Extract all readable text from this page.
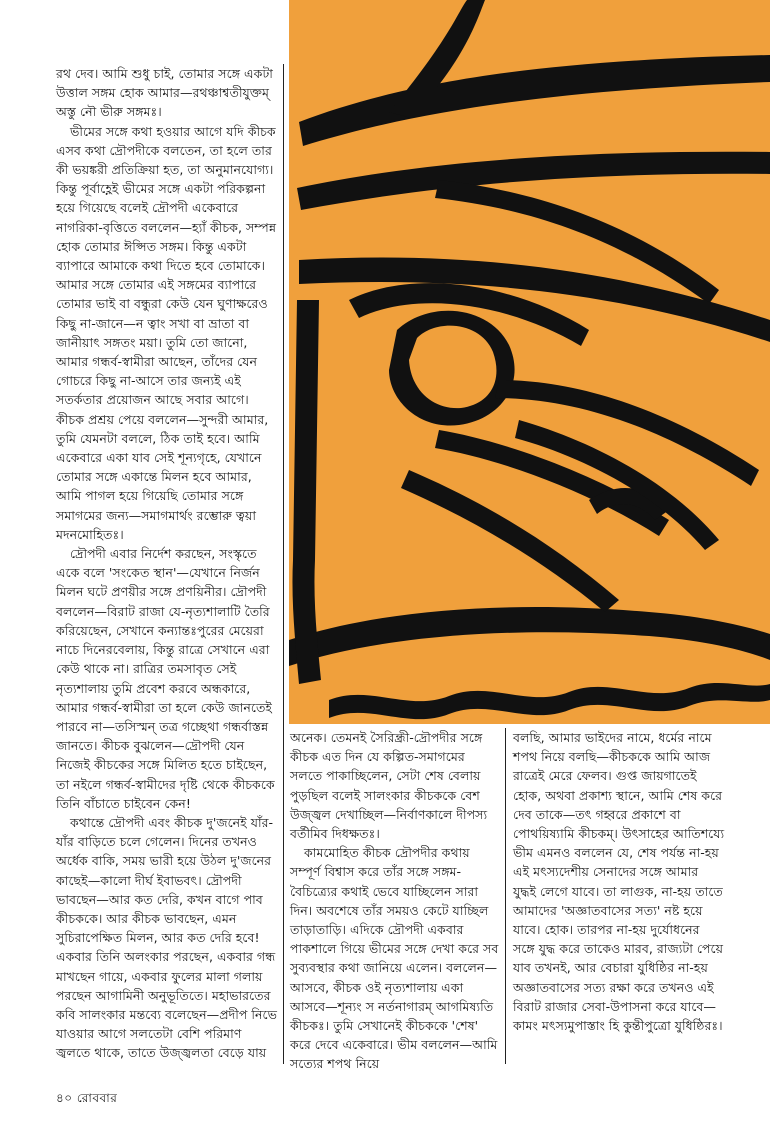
রথ দেব। আমি শুধু চাই, তোমার সঙ্গে একটা উত্তাল সঙ্গম হোক আমার—রথঞ্চাশ্বতীযুক্তম্‌ অস্তু নৌ ভীরু সঙ্গমঃ।

ভীমের সঙ্গে কথা হওয়ার আগে যদি কীচক এসব কথা দ্রৌপদীকে বলতেন, তা হলে তার কী ভয়ঙ্করী প্রতিক্রিয়া হত, তা অনুমানযোগ্য। কিন্তু পূর্বাহ্ণেই ভীমের সঙ্গে একটা পরিকল্পনা হয়ে গিয়েছে বলেই দ্রৌপদী একেবারে নাগরিকা-বৃত্তিতে বললেন—হ্যাঁ কীচক, সম্পন্ন হোক তোমার ঈপ্সিত সঙ্গম। কিন্তু একটা ব্যাপারে আমাকে কথা দিতে হবে তোমাকে। আমার সঙ্গে তোমার এই সঙ্গমের ব্যাপারে তোমার ভাই বা বন্ধুরা কেউ যেন ঘুণাক্ষরেও কিছু না-জানে—ন ত্বাং সখা বা ভ্রাতা বা জানীয়াৎ সঙ্গতং ময়া। তুমি তো জানো, আমার গন্ধর্ব-স্বামীরা আছেন, তাঁদের যেন গোচরে কিছু না-আসে তার জন্যই এই সতর্কতার প্রয়োজন আছে সবার আগে। কীচক প্রশ্রয় পেয়ে বললেন—সুন্দরী আমার, তুমি যেমনটা বললে, ঠিক তাই হবে। আমি একেবারে একা যাব সেই শূন্যগৃহে, যেখানে তোমার সঙ্গে একান্তে মিলন হবে আমার, আমি পাগল হয়ে গিয়েছি তোমার সঙ্গে সমাগমের জন্য—সমাগমার্থং রম্ভোরু ত্বয়া মদনমোহিতঃ।

দ্রৌপদী এবার নির্দেশ করছেন, সংস্কৃতে একে বলে 'সংকেত স্থান'—যেখানে নির্জন মিলন ঘটে প্রণয়ীর সঙ্গে প্রণয়িনীর। দ্রৌপদী বললেন—বিরাট রাজা যে-নৃত্যশালাটি তৈরি করিয়েছেন, সেখানে কন্যান্তঃপুরের মেয়েরা নাচে দিনেরবেলায়, কিন্তু রাত্রে সেখানে এরা কেউ থাকে না। রাত্রির তমসাবৃত সেই নৃত্যশালায় তুমি প্রবেশ করবে অন্ধকারে, আমার গন্ধর্ব-স্বামীরা তা হলে কেউ জানতেই পারবে না—তসিস্মন্‌ তত্র গচ্ছেথা গন্ধর্বাস্তন্ন জানতে। কীচক বুঝলেন—দ্রৌপদী যেন নিজেই কীচকের সঙ্গে মিলিত হতে চাইছেন, তা নইলে গন্ধর্ব-স্বামীদের দৃষ্টি থেকে কীচককে তিনি বাঁচাতে চাইবেন কেন!

কথান্তে দ্রৌপদী এবং কীচক দু'জনেই যাঁর-যাঁর বাড়িতে চলে গেলেন। দিনের তখনও অর্ধেক বাকি, সময় ভারী হয়ে উঠল দু'জনের কাছেই—কালো দীর্ঘ ইবাভবৎ। দ্রৌপদী ভাবছেন—আর কত দেরি, কখন বাগে পাব কীচককে। আর কীচক ভাবছেন, এমন সুচিরাপেক্ষিত মিলন, আর কত দেরি হবে! একবার তিনি অলংকার পরছেন, একবার গন্ধ মাখছেন গায়ে, একবার ফুলের মালা গলায় পরছেন আগামিনী অনুভূতিতে। মহাভারতের কবি সালংকার মন্তব্যে বলেছেন—প্রদীপ নিভে যাওয়ার আগে সলতেটা বেশি পরিমাণ জ্বলতে থাকে, তাতে উজ্জ্বলতা বেড়ে যায়

অনেক। তেমনই সৈরিন্ধ্রী-দ্রৌপদীর সঙ্গে কীচক এত দিন যে কল্পিত-সমাগমের সলতে পাকাচ্ছিলেন, সেটা শেষ বেলায় পুড়ছিল বলেই সালংকার কীচককে বেশ উজ্জ্বল দেখাচ্ছিল—নির্বাণকালে দীপস্য বর্তীমিব দিধক্ষতঃ।

কামমোহিত কীচক দ্রৌপদীর কথায় সম্পূর্ণ বিশ্বাস করে তাঁর সঙ্গে সঙ্গম-বৈচিত্র্যের কথাই ভেবে যাচ্ছিলেন সারা দিন। অবশেষে তাঁর সময়ও কেটে যাচ্ছিল তাড়াতাড়ি। এদিকে দ্রৌপদী একবার পাকশালে গিয়ে ভীমের সঙ্গে দেখা করে সব সুব্যবস্থার কথা জানিয়ে এলেন। বললেন—আসবে, কীচক ওই নৃত্যশালায় একা আসবে—শূন্যং স নর্তনাগারম্‌ আগমিষ্যতি কীচকঃ। তুমি সেখানেই কীচককে 'শেষ' করে দেবে একেবারে। ভীম বললেন—আমি সত্যের শপথ নিয়ে

বলছি, আমার ভাইদের নামে, ধর্মের নামে শপথ নিয়ে বলছি—কীচককে আমি আজ রাত্রেই মেরে ফেলব। গুপ্ত জায়গাতেই হোক, অথবা প্রকাশ্য স্থানে, আমি শেষ করে দেব তাকে—তৎ গহ্বরে প্রকাশে বা পোথয়িষ্যামি কীচকম্‌। উৎসাহের আতিশয্যে ভীম এমনও বললেন যে, শেষ পর্যন্ত না-হয় এই মৎস্যদেশীয় সেনাদের সঙ্গে আমার যুদ্ধই লেগে যাবে। তা লাগুক, না-হয় তাতে আমাদের 'অজ্ঞাতবাসের সত্য' নষ্ট হয়ে যাবে। হোক। তারপর না-হয় দুর্যোধনের সঙ্গে যুদ্ধ করে তাকেও মারব, রাজ্যটা পেয়ে যাব তখনই, আর বেচারা যুধিষ্ঠির না-হয় অজ্ঞাতবাসের সত্য রক্ষা করে তখনও এই বিরাট রাজার সেবা-উপাসনা করে যাবে—কামং মৎস্যমুপাস্তাং হি কুন্তীপুত্রো যুধিষ্ঠিরঃ।

৪০ রোববার
